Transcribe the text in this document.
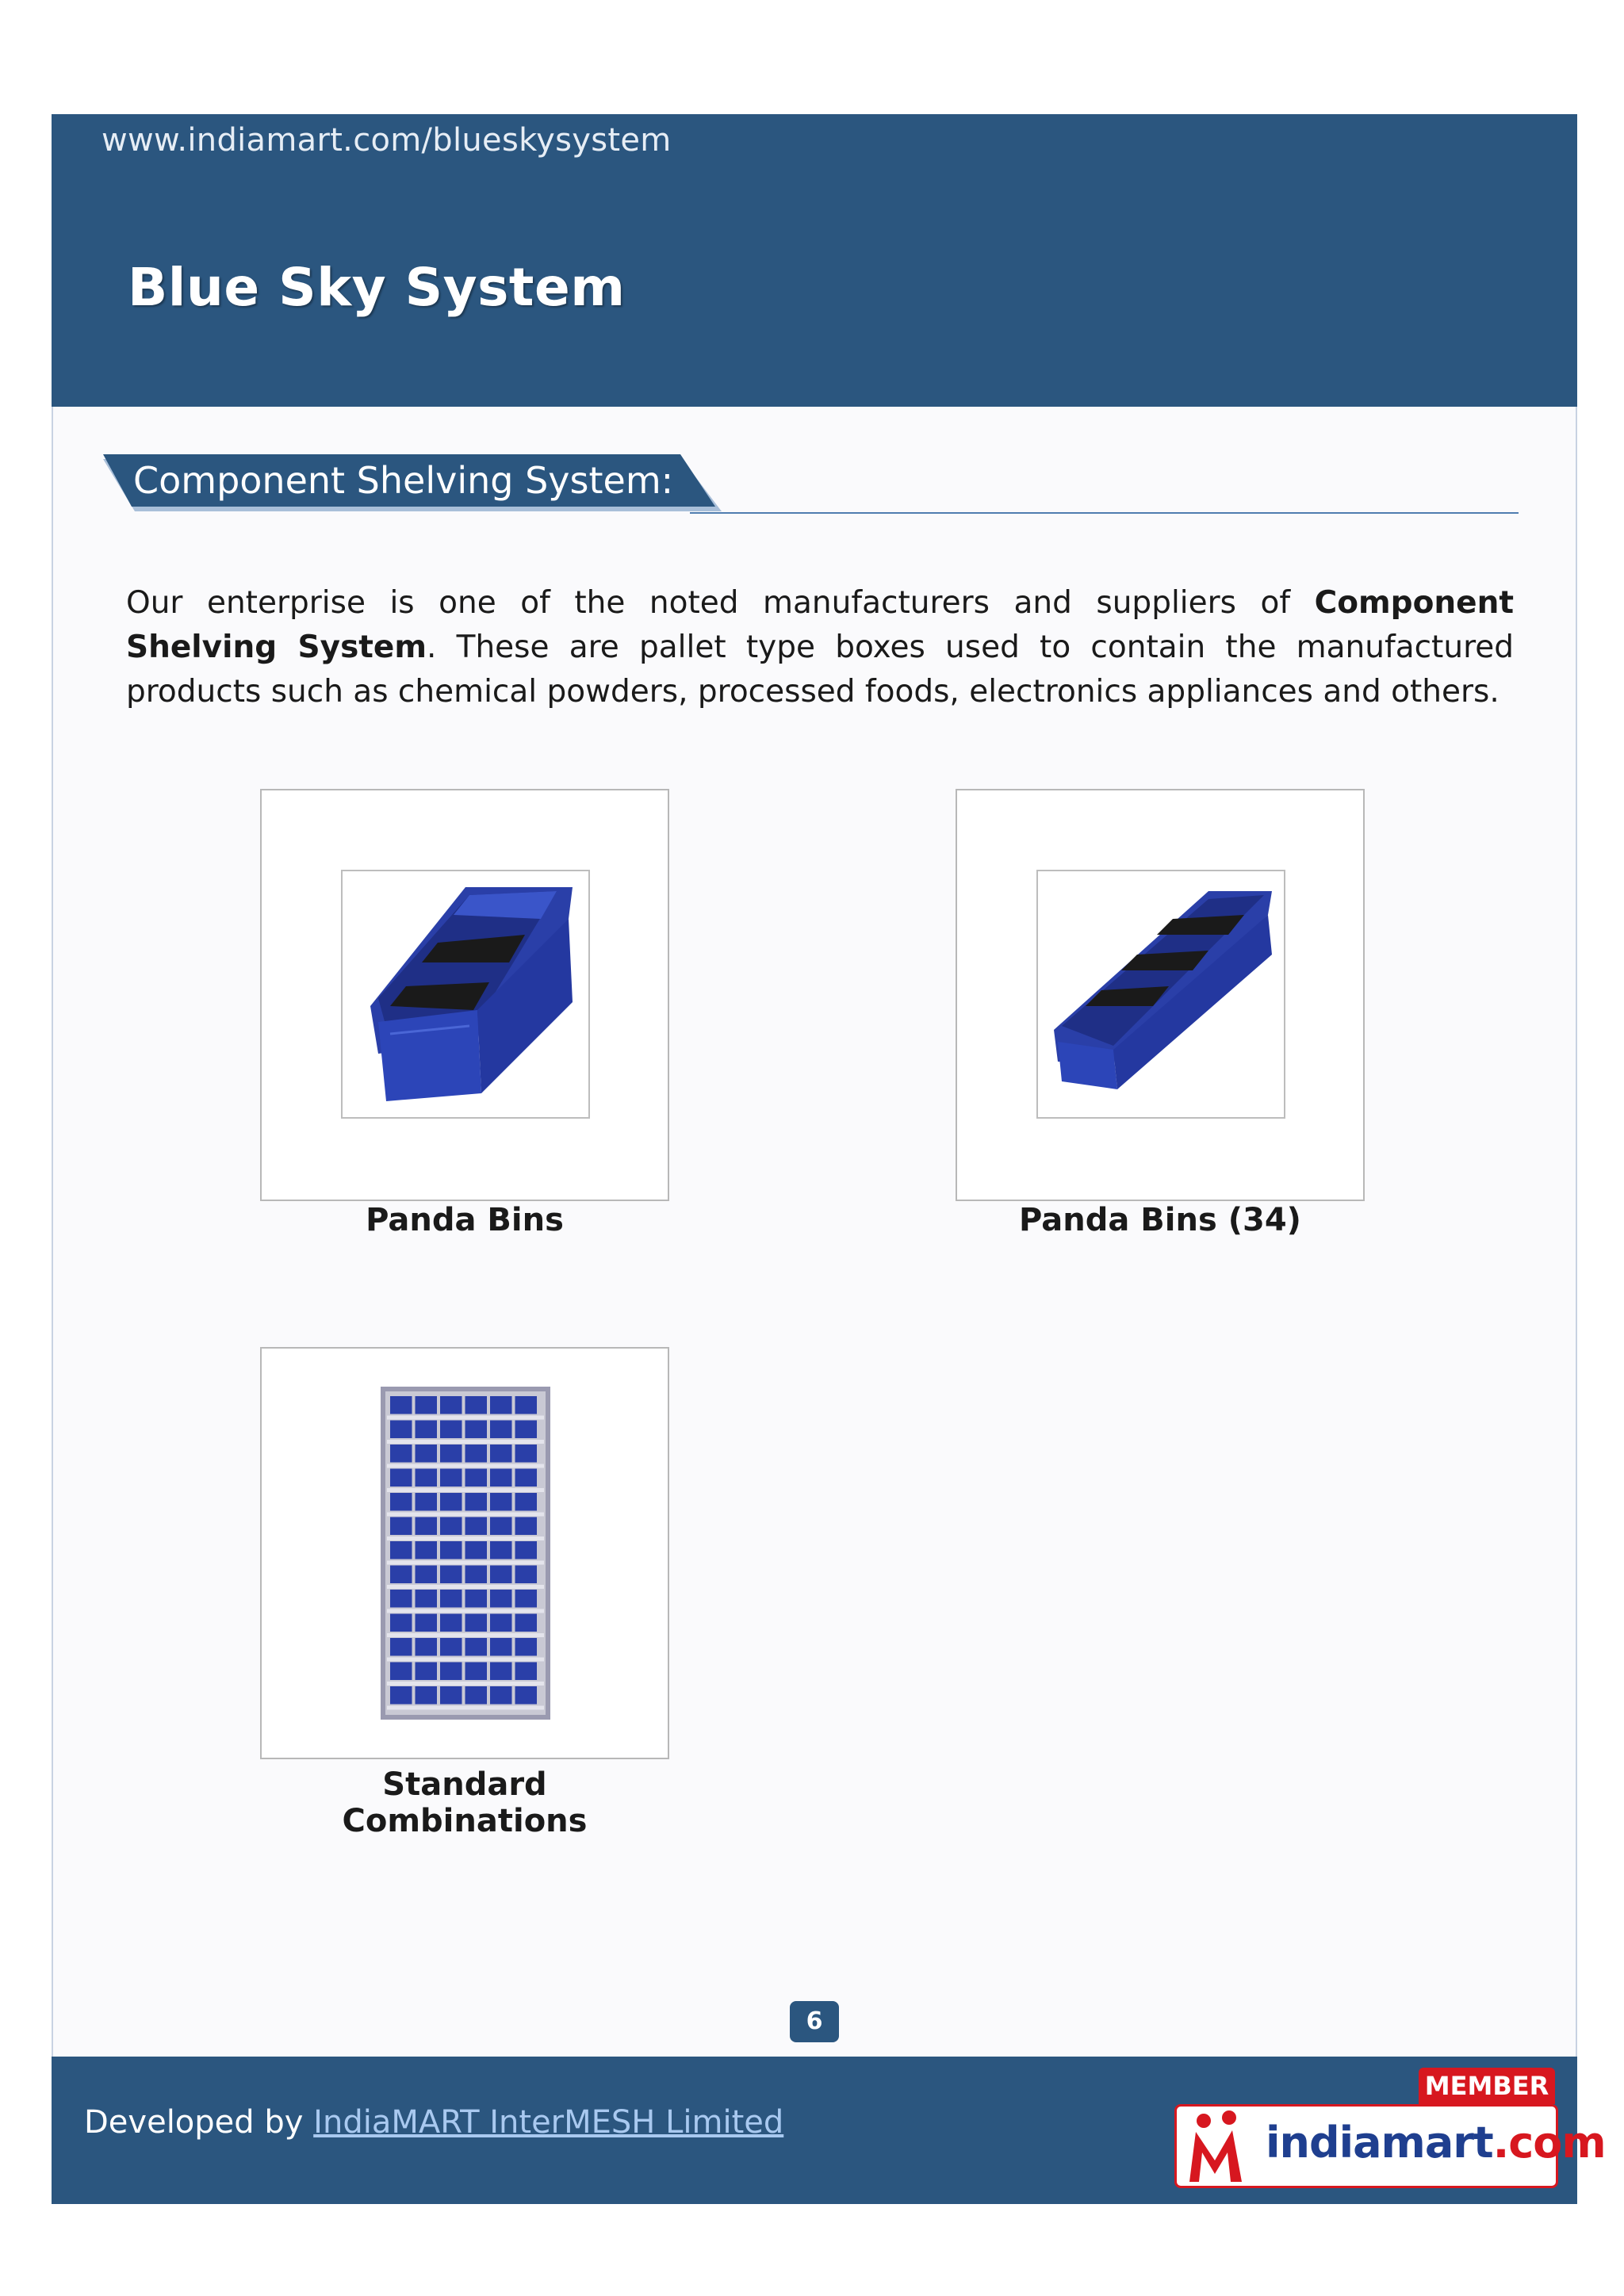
www.indiamart.com/blueskysystem
Blue Sky System
Component Shelving System:
Our enterprise is one of the noted manufacturers and suppliers of Component Shelving System. These are pallet type boxes used to contain the manufactured products such as chemical powders, processed foods, electronics appliances and others.
Panda Bins	Panda Bins (34)
Standard Combinations
6
Developed by IndiaMART InterMESH Limited
MEMBER
indiamart.com
